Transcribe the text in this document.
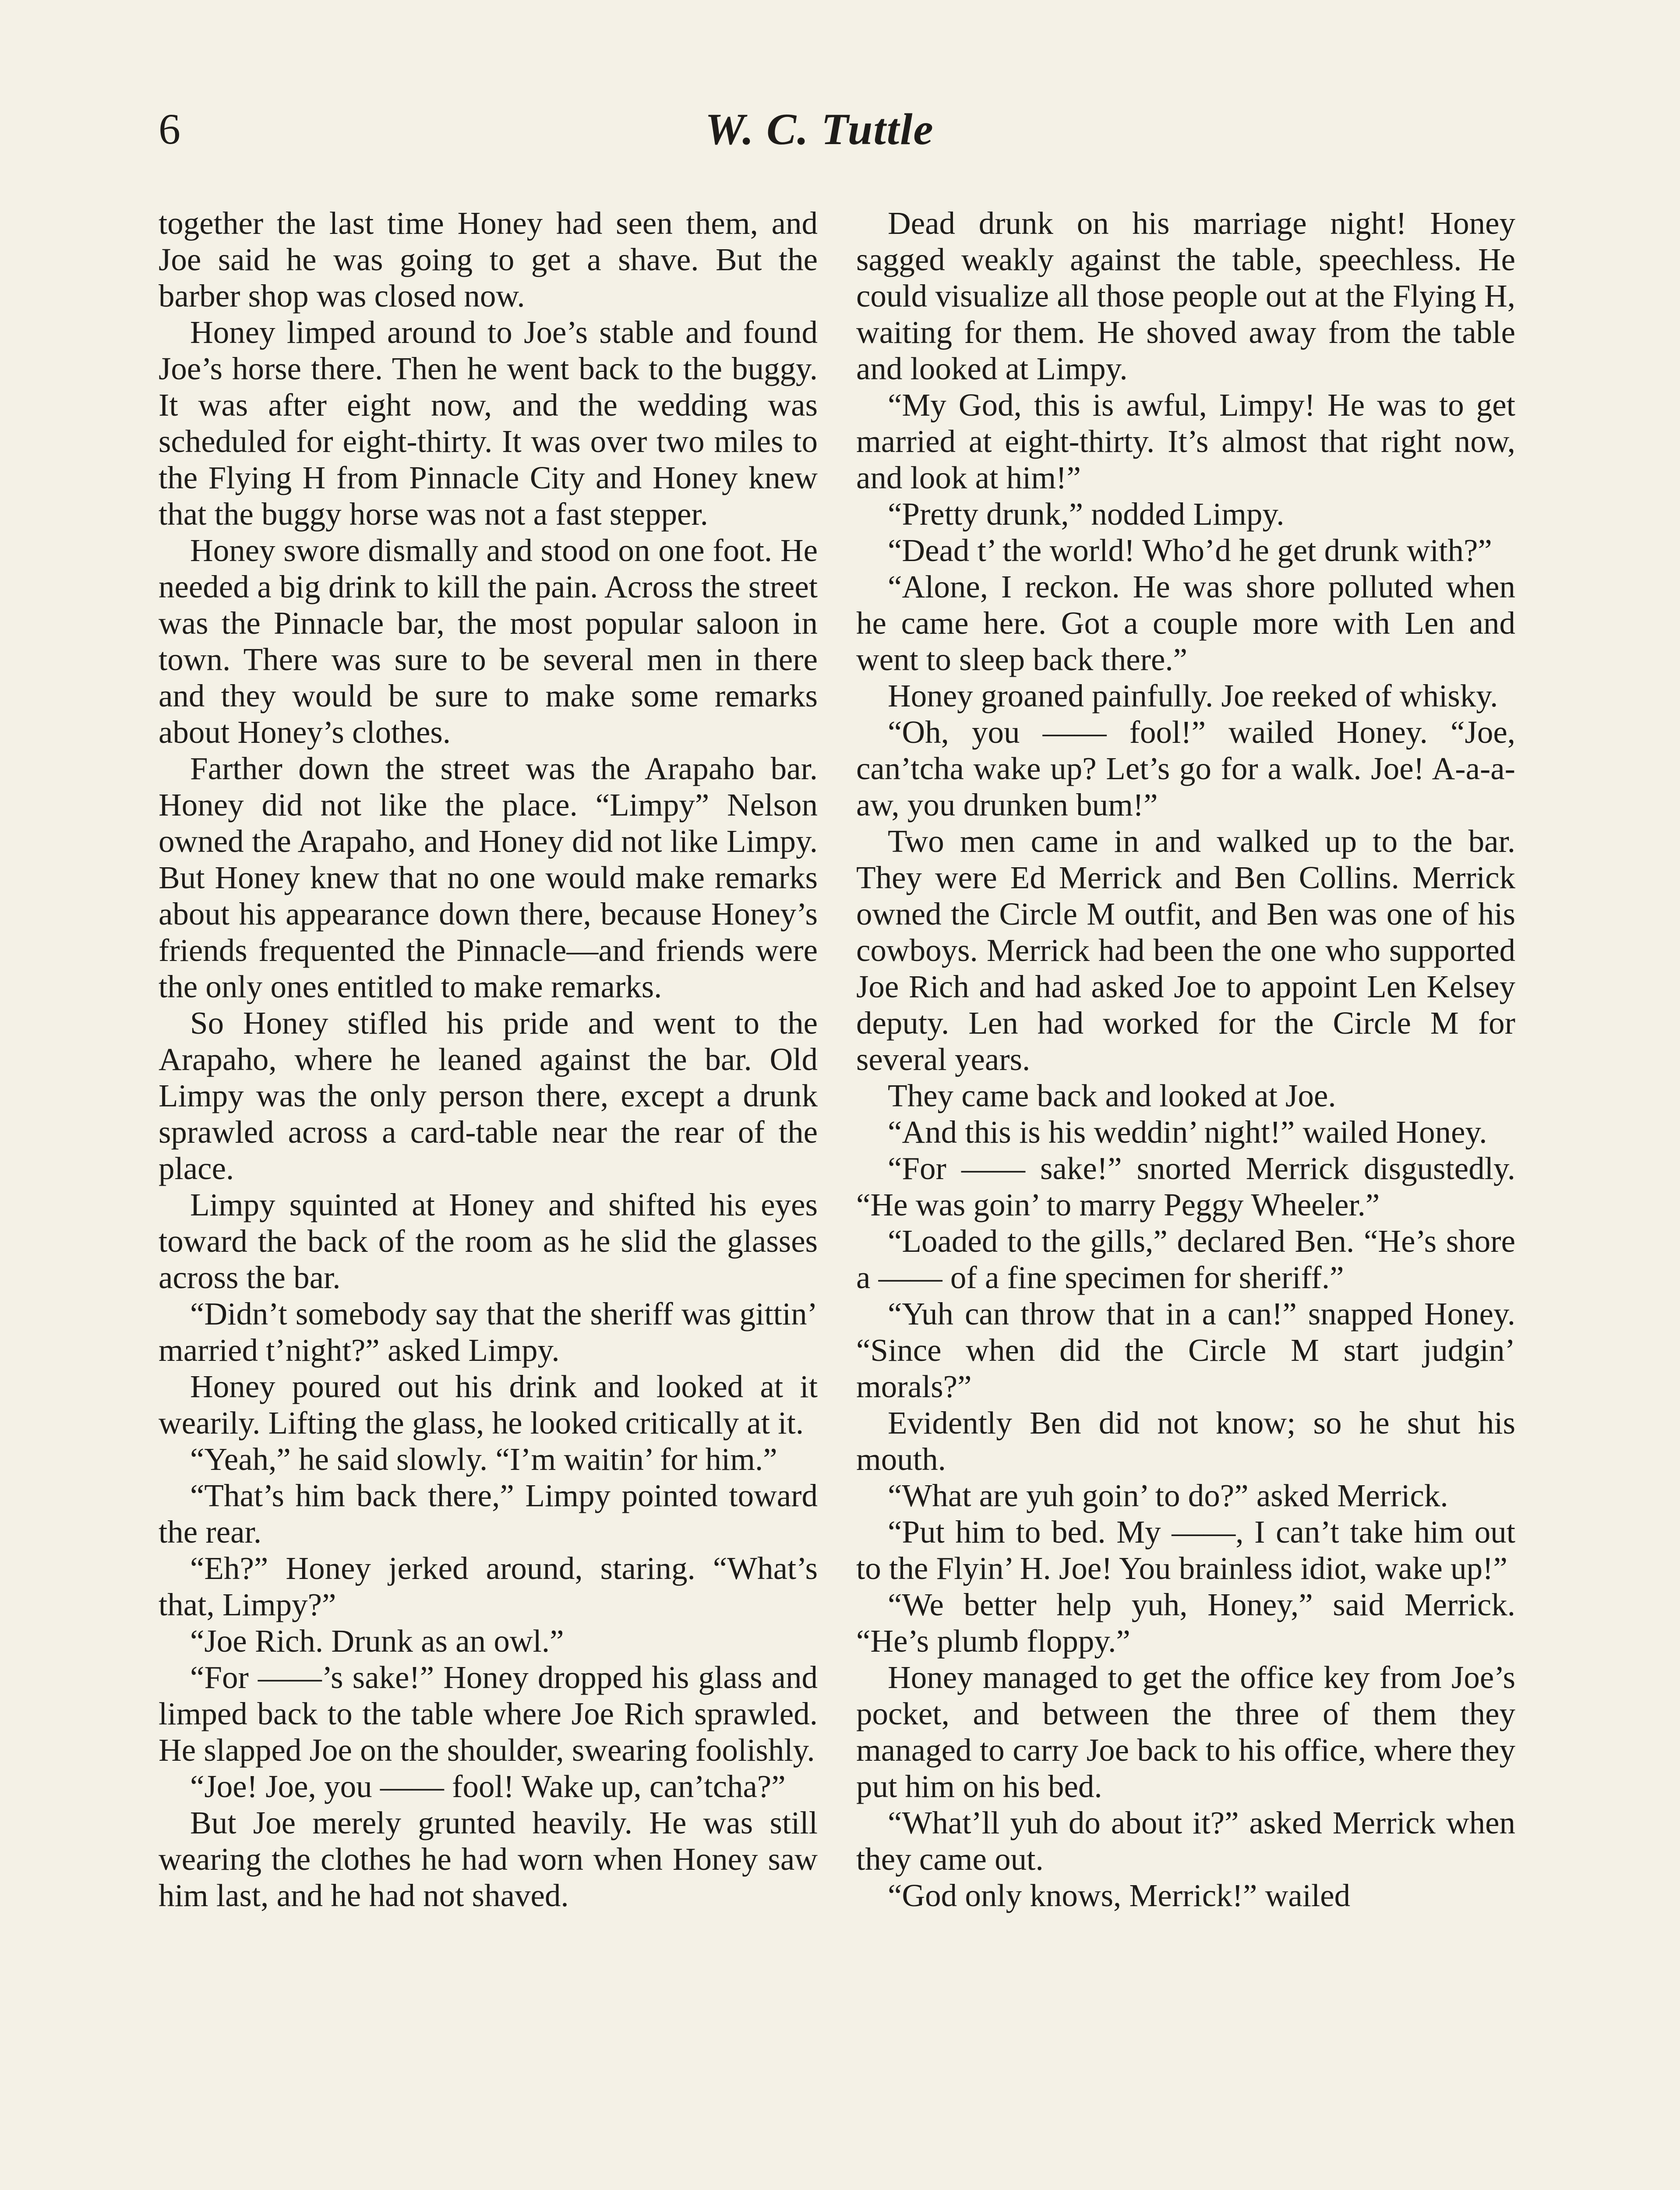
6	W. C. Tuttle

together the last time Honey had seen them, and Joe said he was going to get a shave. But the barber shop was closed now.

Honey limped around to Joe’s stable and found Joe’s horse there. Then he went back to the buggy. It was after eight now, and the wedding was scheduled for eight-thirty. It was over two miles to the Flying H from Pinnacle City and Honey knew that the buggy horse was not a fast stepper.

Honey swore dismally and stood on one foot. He needed a big drink to kill the pain. Across the street was the Pinnacle bar, the most popular saloon in town. There was sure to be several men in there and they would be sure to make some remarks about Honey’s clothes.

Farther down the street was the Arapaho bar. Honey did not like the place. “Limpy” Nelson owned the Arapaho, and Honey did not like Limpy. But Honey knew that no one would make remarks about his appearance down there, because Honey’s friends frequented the Pinnacle—and friends were the only ones entitled to make remarks.

So Honey stifled his pride and went to the Arapaho, where he leaned against the bar. Old Limpy was the only person there, except a drunk sprawled across a card-table near the rear of the place.

Limpy squinted at Honey and shifted his eyes toward the back of the room as he slid the glasses across the bar.

“Didn’t somebody say that the sheriff was gittin’ married t’night?” asked Limpy.

Honey poured out his drink and looked at it wearily. Lifting the glass, he looked critically at it.

“Yeah,” he said slowly. “I’m waitin’ for him.”

“That’s him back there,” Limpy pointed toward the rear.

“Eh?” Honey jerked around, staring. “What’s that, Limpy?”

“Joe Rich. Drunk as an owl.”

“For ——’s sake!” Honey dropped his glass and limped back to the table where Joe Rich sprawled. He slapped Joe on the shoulder, swearing foolishly.

“Joe! Joe, you —— fool! Wake up, can’tcha?”

But Joe merely grunted heavily. He was still wearing the clothes he had worn when Honey saw him last, and he had not shaved.

Dead drunk on his marriage night! Honey sagged weakly against the table, speechless. He could visualize all those people out at the Flying H, waiting for them. He shoved away from the table and looked at Limpy.

“My God, this is awful, Limpy! He was to get married at eight-thirty. It’s almost that right now, and look at him!”

“Pretty drunk,” nodded Limpy.

“Dead t’ the world! Who’d he get drunk with?”

“Alone, I reckon. He was shore polluted when he came here. Got a couple more with Len and went to sleep back there.”

Honey groaned painfully. Joe reeked of whisky.

“Oh, you —— fool!” wailed Honey. “Joe, can’tcha wake up? Let’s go for a walk. Joe! A-a-a-aw, you drunken bum!”

Two men came in and walked up to the bar. They were Ed Merrick and Ben Collins. Merrick owned the Circle M outfit, and Ben was one of his cowboys. Merrick had been the one who supported Joe Rich and had asked Joe to appoint Len Kelsey deputy. Len had worked for the Circle M for several years.

They came back and looked at Joe.

“And this is his weddin’ night!” wailed Honey.

“For —— sake!” snorted Merrick disgustedly. “He was goin’ to marry Peggy Wheeler.”

“Loaded to the gills,” declared Ben. “He’s shore a —— of a fine specimen for sheriff.”

“Yuh can throw that in a can!” snapped Honey. “Since when did the Circle M start judgin’ morals?”

Evidently Ben did not know; so he shut his mouth.

“What are yuh goin’ to do?” asked Merrick.

“Put him to bed. My ——, I can’t take him out to the Flyin’ H. Joe! You brainless idiot, wake up!”

“We better help yuh, Honey,” said Merrick. “He’s plumb floppy.”

Honey managed to get the office key from Joe’s pocket, and between the three of them they managed to carry Joe back to his office, where they put him on his bed.

“What’ll yuh do about it?” asked Merrick when they came out.

“God only knows, Merrick!” wailed
